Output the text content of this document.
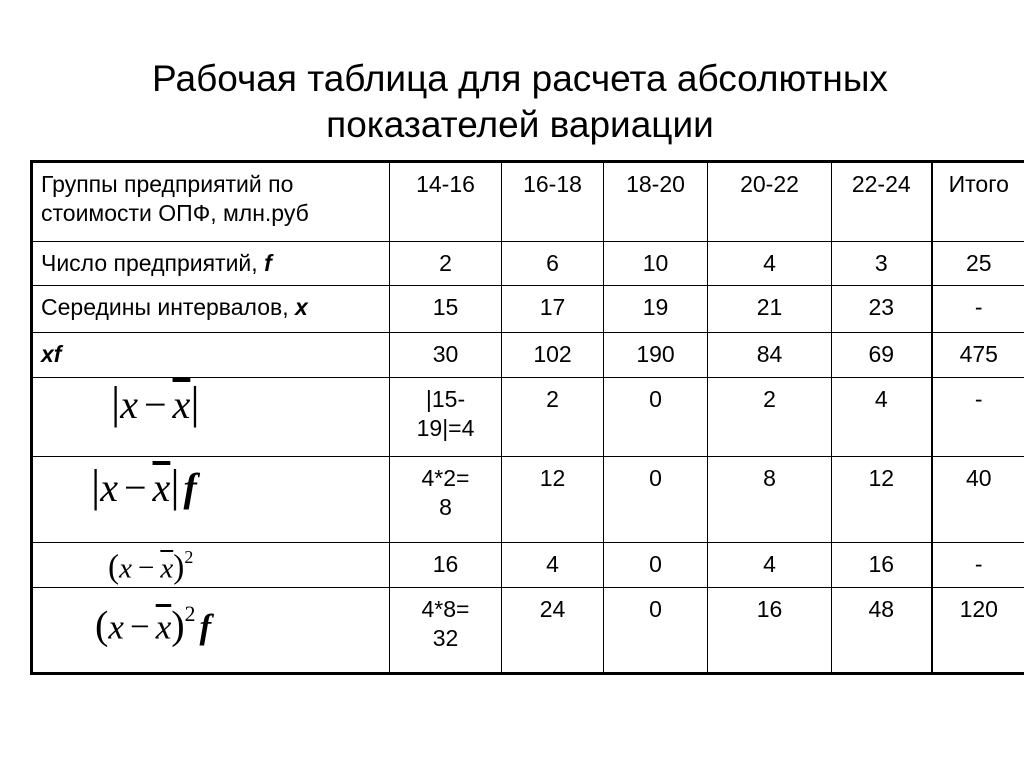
Рабочая таблица для расчета абсолютных
показателей вариации
Группы предприятий по
стоимости ОПФ, млн.руб	14-16	16-18	18-20	20-22	22-24	Итого
Число предприятий, f	2	6	10	4	3	25
Середины интервалов, x	15	17	19	21	23	-
xf	30	102	190	84	69	475
$|x - \overline{x}|$	|15-
19|=4	2	0	2	4	-
$|x - \overline{x}|$ f	4*2=
8	12	0	8	12	40
$(x - \overline{x})^2$	16	4	0	4	16	-
$(x - \overline{x})^2$ f	4*8=
32	24	0	16	48	120
